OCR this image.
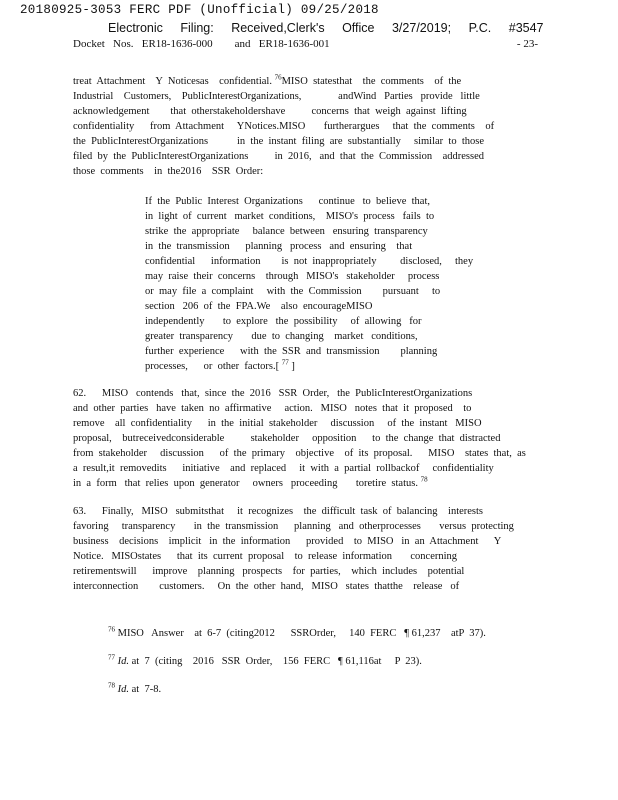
20180925-3053 FERC PDF (Unofficial) 09/25/2018
Electronic Filing: Received,Clerk's Office 3/27/2019; P.C. #3547
Docket   Nos.   ER18-1636-000        and   ER18-1636-001	- 23-
treat  Attachment    Y  Noticesas    confidential. $^{76}$MISO  statesthat    the  comments    of  the
Industrial    Customers,    PublicInterestOrganizations,              andWind   Parties   provide   little
acknowledgement        that  otherstakeholdershave          concerns  that  weigh  against  lifting
confidentiality      from  Attachment     YNotices.MISO       furtherargues     that  the  comments    of
the  PublicInterestOrganizations           in  the  instant  filing  are  substantially     similar  to  those
filed  by  the  PublicInterestOrganizations          in  2016,   and  that  the  Commission    addressed
those  comments    in  the2016    SSR  Order:
If  the  Public  Interest  Organizations      continue   to  believe  that,
in  light  of  current   market  conditions,    MISO's  process   fails  to
strike  the  appropriate     balance  between   ensuring  transparency
in  the  transmission      planning   process   and  ensuring    that
confidential      information        is  not  inappropriately         disclosed,     they
may  raise  their  concerns    through   MISO's   stakeholder     process
or  may  file  a  complaint     with  the  Commission        pursuant     to
section   206  of  the  FPA.We    also  encourageMISO
independently       to  explore   the  possibility     of  allowing   for
greater  transparency       due  to  changing    market   conditions,
further  experience      with  the  SSR  and  transmission        planning
processes,      or  other  factors.[ $^{77}$ ]
62.      MISO   contends   that,  since  the  2016   SSR  Order,   the  PublicInterestOrganizations
and  other  parties   have  taken  no  affirmative     action.   MISO   notes  that  it  proposed    to
remove    all  confidentiality      in  the  initial  stakeholder     discussion     of  the  instant   MISO
proposal,    butreceivedconsiderable          stakeholder     opposition      to  the  change  that  distracted
from  stakeholder     discussion      of  the  primary    objective    of  its  proposal.      MISO    states  that,  as
a  result,it  removedits      initiative    and  replaced     it  with  a  partial  rollbackof     confidentiality
in  a  form   that  relies  upon  generator     owners   proceeding       toretire  status. $^{78}$
63.      Finally,   MISO   submitsthat     it  recognizes    the  difficult  task  of  balancing    interests
favoring     transparency       in  the  transmission      planning   and  otherprocesses       versus  protecting
business    decisions    implicit   in  the  information      provided    to  MISO   in  an  Attachment      Y
Notice.   MISOstates      that  its  current  proposal    to  release  information       concerning
retirementswill      improve    planning   prospects    for  parties,    which  includes    potential
interconnection        customers.     On  the  other  hand,   MISO   states  thatthe    release   of
$^{76}$ MISO   Answer    at  6-7  (citing2012      SSROrder,     140  FERC   ¶ 61,237    atP  37).
$^{77}$ Id. at  7  (citing    2016   SSR  Order,    156  FERC   ¶ 61,116at     P  23).
$^{78}$ Id. at  7-8.
